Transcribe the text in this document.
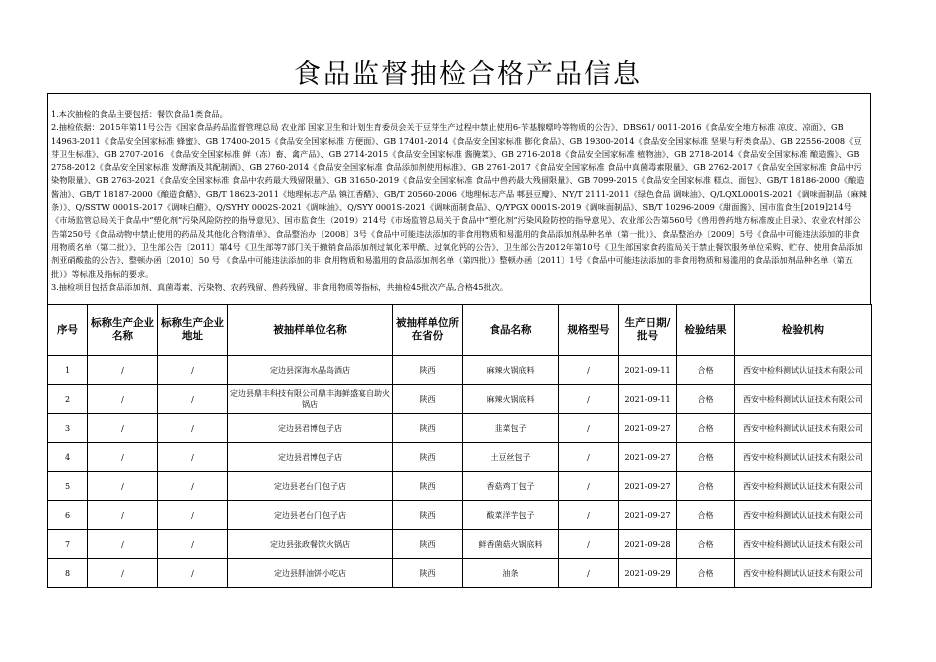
食品监督抽检合格产品信息

1.本次抽检的食品主要包括：餐饮食品1类食品。

2.抽检依据：2015年第11号公告《国家食品药品监督管理总局 农业部 国家卫生和计划生育委员会关于豆芽生产过程中禁止使用6-苄基腺嘌呤等物质的公告》、DBS61/ 0011-2016《食品安全地方标准 凉皮、凉面》、GB 14963-2011《食品安全国家标准 蜂蜜》、GB 17400-2015《食品安全国家标准 方便面》、GB 17401-2014《食品安全国家标准 膨化食品》、GB 19300-2014《食品安全国家标准 坚果与籽类食品》、GB 22556-2008《豆芽卫生标准》、GB 2707-2016 《食品安全国家标准 鲜（冻）畜、禽产品》、GB 2714-2015《食品安全国家标准 酱腌菜》、GB 2716-2018《食品安全国家标准 植物油》、GB 2718-2014《食品安全国家标准 酿造酱》、GB 2758-2012《食品安全国家标准 发酵酒及其配制酒》、GB 2760-2014《食品安全国家标准 食品添加剂使用标准》、GB 2761-2017《食品安全国家标准 食品中真菌毒素限量》、GB 2762-2017《食品安全国家标准 食品中污染物限量》、GB 2763-2021《食品安全国家标准 食品中农药最大残留限量》、GB 31650-2019《食品安全国家标准 食品中兽药最大残留限量》、GB 7099-2015《食品安全国家标准 糕点、面包》、GB/T 18186-2000《酿造酱油》、GB/T 18187-2000《酿造食醋》、GB/T 18623-2011《地理标志产品 镇江香醋》、GB/T 20560-2006《地理标志产品 郫县豆瓣》、NY/T 2111-2011《绿色食品 调味油》、Q/LQXL0001S-2021《调味面制品（麻辣条）》、Q/SSTW 0001S-2017《调味白醋》、Q/SYHY 0002S-2021《调味油》、Q/SYY 0001S-2021《调味面制食品》、Q/YPGX 0001S-2019《调味面制品》、SB/T 10296-2009《甜面酱》、国市监食生[2019]214号《市场监管总局关于食品中“塑化剂”污染风险防控的指导意见》、国市监食生（2019）214号《市场监管总局关于食品中“塑化剂”污染风险防控的指导意见》、农业部公告第560号《兽用兽药地方标准废止目录》、农业农村部公告第250号《食品动物中禁止使用的药品及其他化合物清单》、食品整治办〔2008〕3号《食品中可能违法添加的非食用物质和易滥用的食品添加剂品种名单（第一批）》、食品整治办〔2009〕5号《食品中可能违法添加的非食用物质名单（第二批）》、卫生部公告〔2011〕第4号《卫生部等7部门关于撤销食品添加剂过氧化苯甲酰、过氧化钙的公告》、卫生部公告2012年第10号《卫生部国家食药监局关于禁止餐饮服务单位采购、贮存、使用食品添加剂亚硝酸盐的公告》、整顿办函〔2010〕50 号 《食品中可能违法添加的非 食用物质和易滥用的食品添加剂名单（第四批）》整顿办函〔2011〕1号《食品中可能违法添加的非食用物质和易滥用的食品添加剂品种名单（第五批）》等标准及指标的要求。

3.抽检项目包括食品添加剂、真菌毒素、污染物、农药残留、兽药残留、非食用物质等指标，共抽检45批次产品,合格45批次。

序号	标称生产企业名称	标称生产企业地址	被抽样单位名称	被抽样单位所在省份	食品名称	规格型号	生产日期/批号	检验结果	检验机构
1	/	/	定边县深海水晶岛酒店	陕西	麻辣火锅底料	/	2021-09-11	合格	西安中检科测试认证技术有限公司
2	/	/	定边县鼎丰科技有限公司鼎丰海鲜盛宴自助火锅店	陕西	麻辣火锅底料	/	2021-09-11	合格	西安中检科测试认证技术有限公司
3	/	/	定边县君博包子店	陕西	韭菜包子	/	2021-09-27	合格	西安中检科测试认证技术有限公司
4	/	/	定边县君博包子店	陕西	土豆丝包子	/	2021-09-27	合格	西安中检科测试认证技术有限公司
5	/	/	定边县老台门包子店	陕西	香菇鸡丁包子	/	2021-09-27	合格	西安中检科测试认证技术有限公司
6	/	/	定边县老台门包子店	陕西	酸菜洋芋包子	/	2021-09-27	合格	西安中检科测试认证技术有限公司
7	/	/	定边县张政餐饮火锅店	陕西	鲜香菌菇火锅底料	/	2021-09-28	合格	西安中检科测试认证技术有限公司
8	/	/	定边县胖油饼小吃店	陕西	油条	/	2021-09-29	合格	西安中检科测试认证技术有限公司
